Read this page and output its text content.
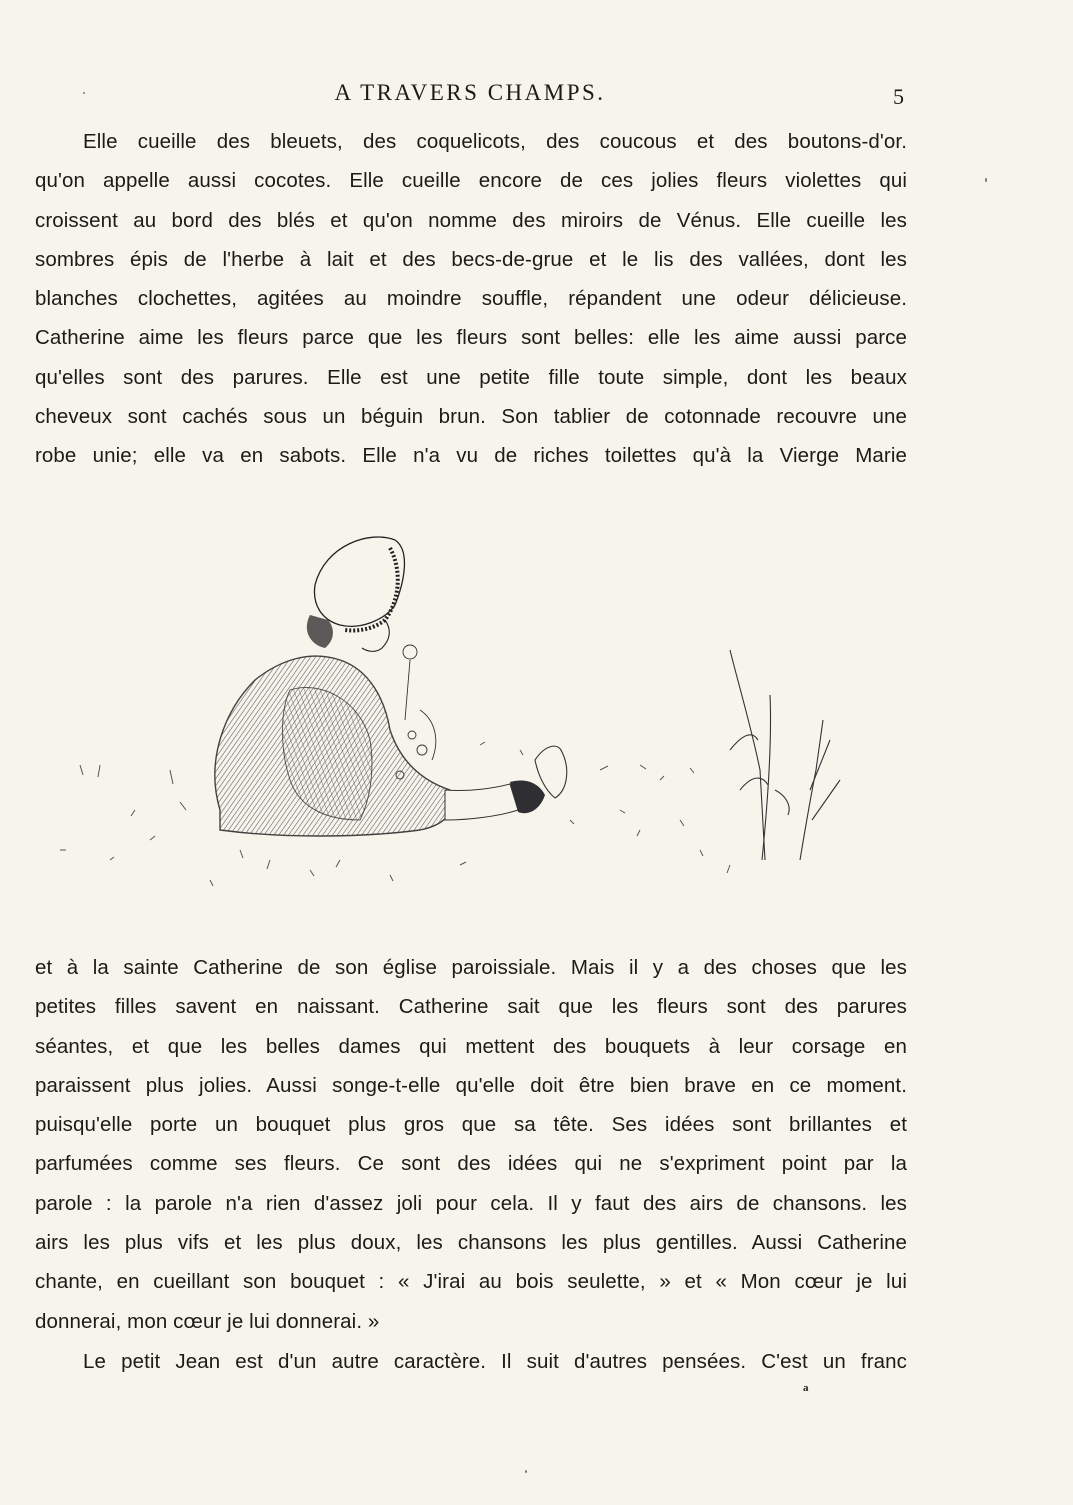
A TRAVERS CHAMPS.	5
Elle cueille des bleuets, des coquelicots, des coucous et des boutons-d'or.
qu'on appelle aussi cocotes. Elle cueille encore de ces jolies fleurs violettes qui
croissent au bord des blés et qu'on nomme des miroirs de Vénus. Elle cueille les
sombres épis de l'herbe à lait et des becs-de-grue et le lis des vallées, dont les
blanches clochettes, agitées au moindre souffle, répandent une odeur délicieuse.
Catherine aime les fleurs parce que les fleurs sont belles: elle les aime aussi parce
qu'elles sont des parures. Elle est une petite fille toute simple, dont les beaux
cheveux sont cachés sous un béguin brun. Son tablier de cotonnade recouvre une
robe unie; elle va en sabots. Elle n'a vu de riches toilettes qu'à la Vierge Marie
et à la sainte Catherine de son église paroissiale. Mais il y a des choses que les
petites filles savent en naissant. Catherine sait que les fleurs sont des parures
séantes, et que les belles dames qui mettent des bouquets à leur corsage en
paraissent plus jolies. Aussi songe-t-elle qu'elle doit être bien brave en ce moment.
puisqu'elle porte un bouquet plus gros que sa tête. Ses idées sont brillantes et
parfumées comme ses fleurs. Ce sont des idées qui ne s'expriment point par la
parole : la parole n'a rien d'assez joli pour cela. Il y faut des airs de chansons. les
airs les plus vifs et les plus doux, les chansons les plus gentilles. Aussi Catherine
chante, en cueillant son bouquet : « J'irai au bois seulette, » et « Mon cœur je lui
donnerai, mon cœur je lui donnerai. »
Le petit Jean est d'un autre caractère. Il suit d'autres pensées. C'est un franc
a
